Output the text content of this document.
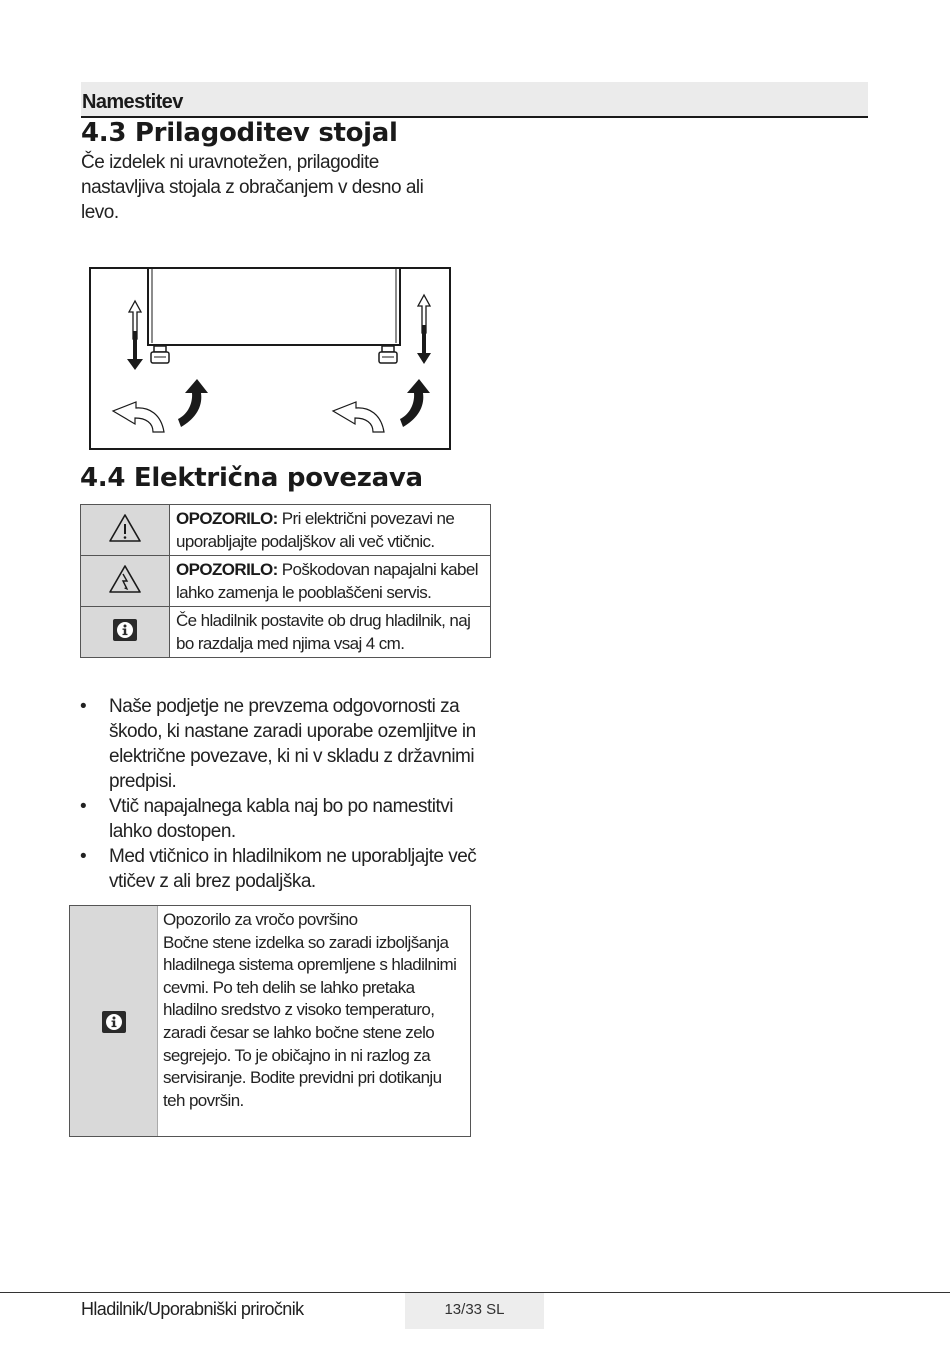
Namestitev
4.3 Prilagoditev stojal
Če izdelek ni uravnotežen, prilagodite nastavljiva stojala z obračanjem v desno ali levo.
4.4 Električna povezava
	OPOZORILO: Pri električni povezavi ne uporabljajte podaljškov ali več vtičnic.
	OPOZORILO: Poškodovan napajalni kabel lahko zamenja le pooblaščeni servis.
	Če hladilnik postavite ob drug hladilnik, naj bo razdalja med njima vsaj 4 cm.
• Naše podjetje ne prevzema odgovornosti za škodo, ki nastane zaradi uporabe ozemljitve in električne povezave, ki ni v skladu z državnimi predpisi.
• Vtič napajalnega kabla naj bo po namestitvi lahko dostopen.
• Med vtičnico in hladilnikom ne uporabljajte več vtičev z ali brez podaljška.
Opozorilo za vročo površino
Bočne stene izdelka so zaradi izboljšanja hladilnega sistema opremljene s hladilnimi cevmi. Po teh delih se lahko pretaka hladilno sredstvo z visoko temperaturo, zaradi česar se lahko bočne stene zelo segrejejo. To je običajno in ni razlog za servisiranje. Bodite previdni pri dotikanju teh površin.
Hladilnik/Uporabniški priročnik	13/33 SL
